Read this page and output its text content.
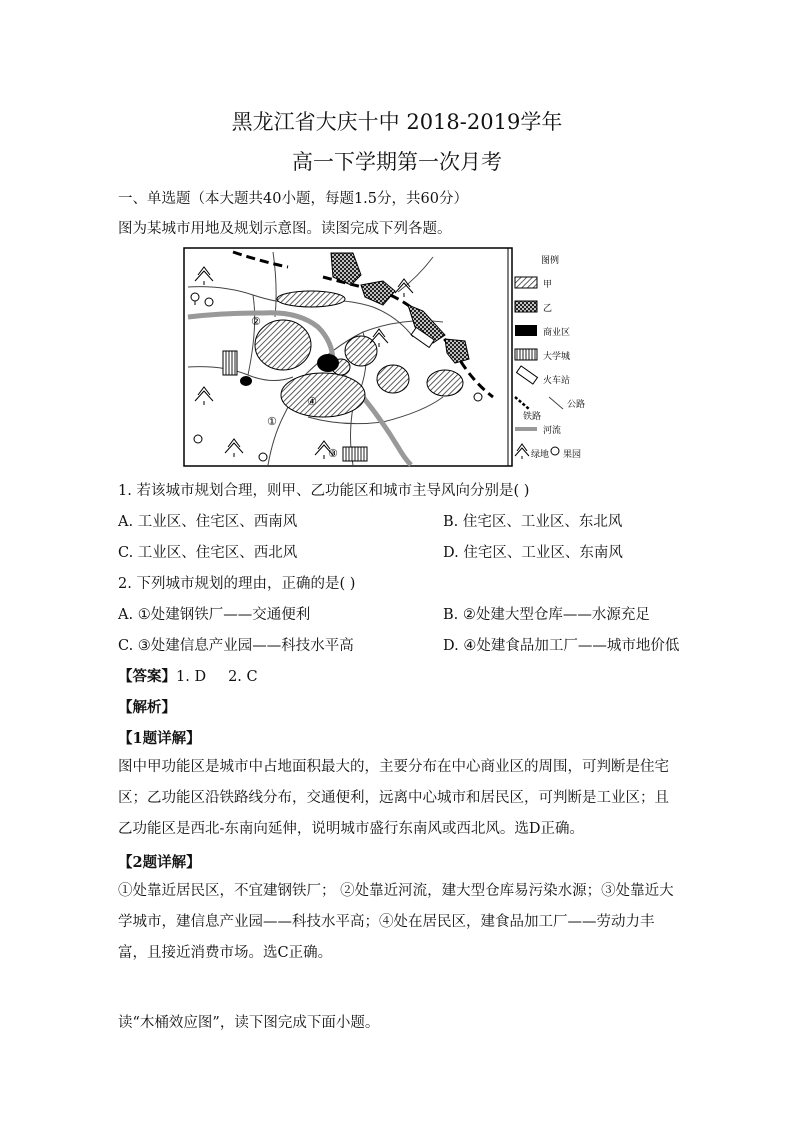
黑龙江省大庆十中 2018-2019学年
高一下学期第一次月考
一、单选题（本大题共40小题，每题1.5分，共60分）
图为某城市用地及规划示意图。读图完成下列各题。
②
④
①
③
图例
甲
乙
商业区
大学城
火车站
铁路
公路
河流
绿地 果园
1. 若该城市规划合理，则甲、乙功能区和城市主导风向分别是( )
A. 工业区、住宅区、西南风	B. 住宅区、工业区、东北风
C. 工业区、住宅区、西北风	D. 住宅区、工业区、东南风
2. 下列城市规划的理由，正确的是( )
A. ①处建钢铁厂——交通便利	B. ②处建大型仓库——水源充足
C. ③处建信息产业园——科技水平高	D. ④处建食品加工厂——城市地价低
【答案】1. D 2. C
【解析】
【1题详解】
图中甲功能区是城市中占地面积最大的，主要分布在中心商业区的周围，可判断是住宅区；乙功能区沿铁路线分布，交通便利，远离中心城市和居民区，可判断是工业区；且乙功能区是西北-东南向延伸，说明城市盛行东南风或西北风。选D正确。
【2题详解】
①处靠近居民区，不宜建钢铁厂； ②处靠近河流，建大型仓库易污染水源；③处靠近大学城市，建信息产业园——科技水平高；④处在居民区，建食品加工厂——劳动力丰富，且接近消费市场。选C正确。
读“木桶效应图”，读下图完成下面小题。
